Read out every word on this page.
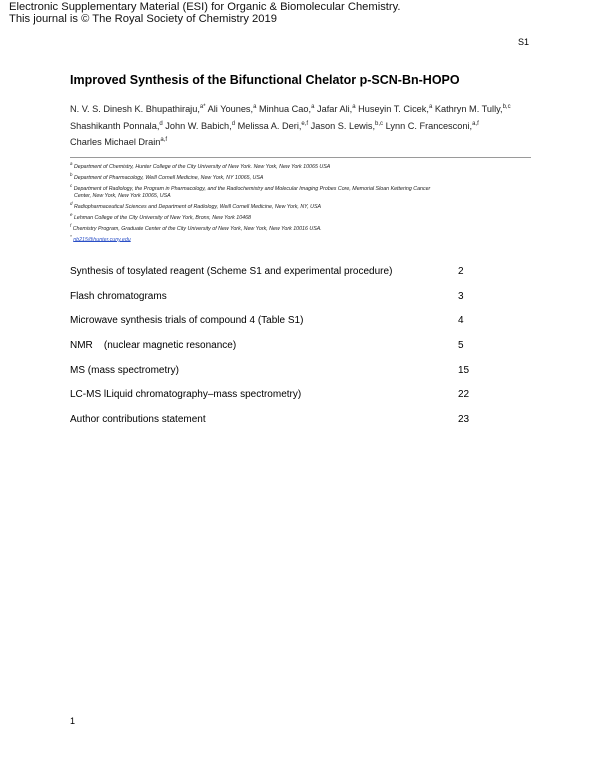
Electronic Supplementary Material (ESI) for Organic & Biomolecular Chemistry.
This journal is © The Royal Society of Chemistry 2019
S1
Improved Synthesis of the Bifunctional Chelator p-SCN-Bn-HOPO
N. V. S. Dinesh K. Bhupathiraju,$^{a*}$ Ali Younes,$^a$ Minhua Cao,$^a$ Jafar Ali,$^a$ Huseyin T. Cicek,$^a$ Kathryn M. Tully,$^{b,c}$ Shashikanth Ponnala,$^d$ John W. Babich,$^d$ Melissa A. Deri,$^{e,f}$ Jason S. Lewis,$^{b,c}$ Lynn C. Francesconi,$^{a,f}$
Charles Michael Drain$^{a,f}$
$^a$ Department of Chemistry, Hunter College of the City University of New York. New York, New York 10065 USA
$^b$ Department of Pharmacology, Weill Cornell Medicine, New York, NY 10065, USA
$^c$ Department of Radiology, the Program in Pharmacology, and the Radiochemistry and Molecular Imaging Probes Core, Memorial Sloan Kettering Cancer
Center, New York, New York 10065, USA
$^d$ Radiopharmaceutical Sciences and Department of Radiology, Weill Cornell Medicine, New York, NY, USA
$^e$ Lehman College of the City University of New York, Bronx, New York 10468
$^f$ Chemistry Program, Graduate Center of the City University of New York, New York, New York 10016 USA.
* nb215@hunter.cuny.edu
Synthesis of tosylated reagent (Scheme S1 and experimental procedure)	2
Flash chromatograms	3
Microwave synthesis trials of compound 4 (Table S1)	4
NMR    (nuclear magnetic resonance)	5
MS (mass spectrometry)	15
LC-MS lLiquid chromatography–mass spectrometry)	22
Author contributions statement	23
1
